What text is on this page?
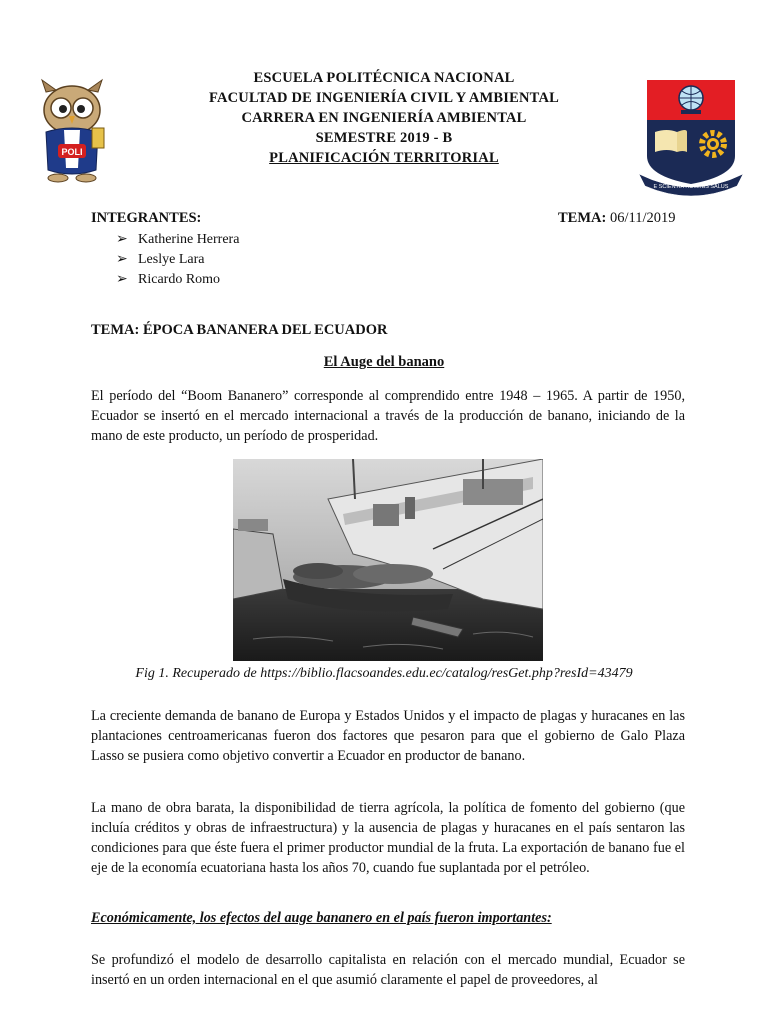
POLI
E SCIENTIA HOMINIS SALUS
ESCUELA POLITÉCNICA NACIONAL
FACULTAD DE INGENIERÍA CIVIL Y AMBIENTAL
CARRERA EN INGENIERÍA AMBIENTAL
SEMESTRE 2019 - B
PLANIFICACIÓN TERRITORIAL
INTEGRANTES:	TEMA: 06/11/2019
➢ Katherine Herrera
➢ Leslye Lara
➢ Ricardo Romo
TEMA: ÉPOCA BANANERA DEL ECUADOR
El Auge del banano
El período del “Boom Bananero” corresponde al comprendido entre 1948 – 1965. A partir de 1950, Ecuador se insertó en el mercado internacional a través de la producción de banano, iniciando de la mano de este producto, un período de prosperidad.
Fig 1. Recuperado de https://biblio.flacsoandes.edu.ec/catalog/resGet.php?resId=43479
La creciente demanda de banano de Europa y Estados Unidos y el impacto de plagas y huracanes en las plantaciones centroamericanas fueron dos factores que pesaron para que el gobierno de Galo Plaza Lasso se pusiera como objetivo convertir a Ecuador en productor de banano.
La mano de obra barata, la disponibilidad de tierra agrícola, la política de fomento del gobierno (que incluía créditos y obras de infraestructura) y la ausencia de plagas y huracanes en el país sentaron las condiciones para que éste fuera el primer productor mundial de la fruta. La exportación de banano fue el eje de la economía ecuatoriana hasta los años 70, cuando fue suplantada por el petróleo.
Económicamente, los efectos del auge bananero en el país fueron importantes:
Se profundizó el modelo de desarrollo capitalista en relación con el mercado mundial, Ecuador se insertó en un orden internacional en el que asumió claramente el papel de proveedores, al
